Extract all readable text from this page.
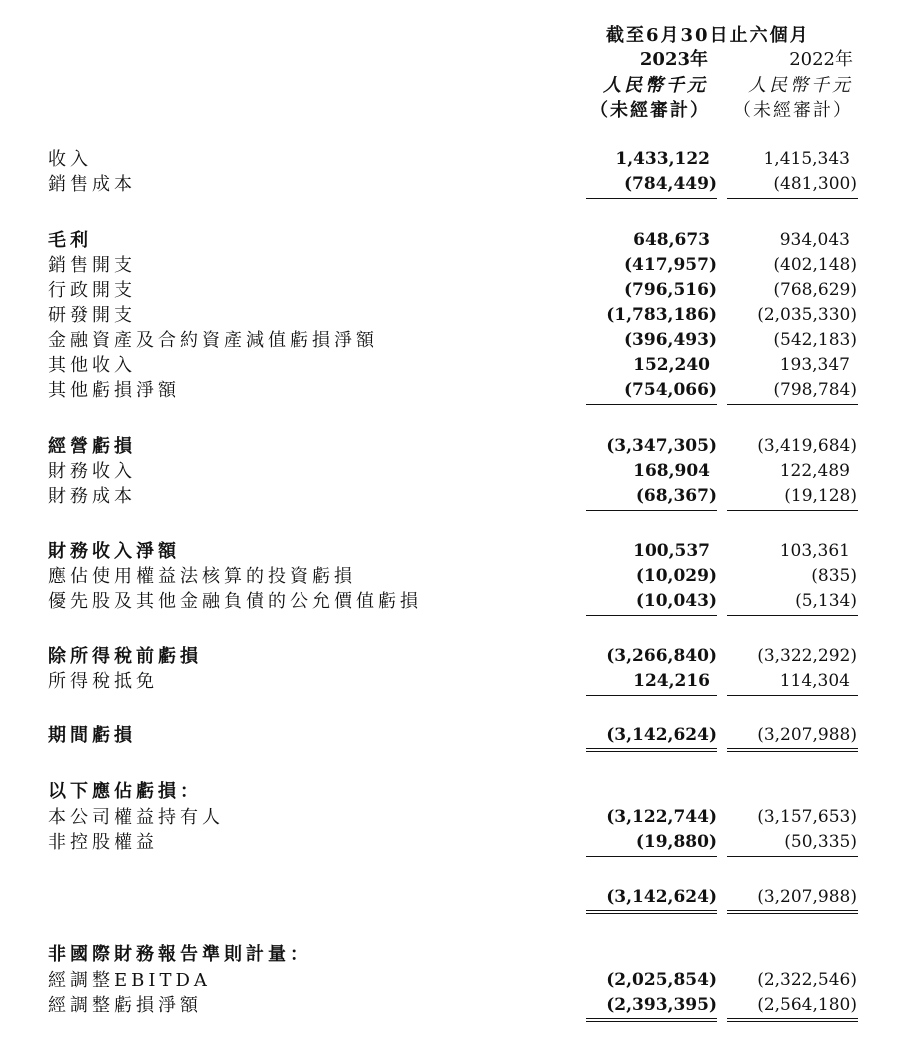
截至6月30日止六個月
2023年	2022年
人民幣千元 人民幣千元
（未經審計） （未經審計）
收入	1,433,122	1,415,343
銷售成本	(784,449)	(481,300)
毛利	648,673	934,043
銷售開支	(417,957)	(402,148)
行政開支	(796,516)	(768,629)
研發開支	(1,783,186) (2,035,330)
金融資產及合約資產減值虧損淨額	(396,493)	(542,183)
其他收入	152,240	193,347
其他虧損淨額	(754,066)	(798,784)
經營虧損	(3,347,305) (3,419,684)
財務收入	168,904	122,489
財務成本	(68,367)	(19,128)
財務收入淨額	100,537	103,361
應佔使用權益法核算的投資虧損	(10,029)	(835)
優先股及其他金融負債的公允價值虧損	(10,043)	(5,134)
除所得稅前虧損	(3,266,840) (3,322,292)
所得稅抵免	124,216	114,304
期間虧損	(3,142,624) (3,207,988)
以下應佔虧損：
本公司權益持有人	(3,122,744) (3,157,653)
非控股權益	(19,880)	(50,335)
(3,142,624) (3,207,988)
非國際財務報告準則計量：
經調整EBITDA	(2,025,854) (2,322,546)
經調整虧損淨額	(2,393,395) (2,564,180)
